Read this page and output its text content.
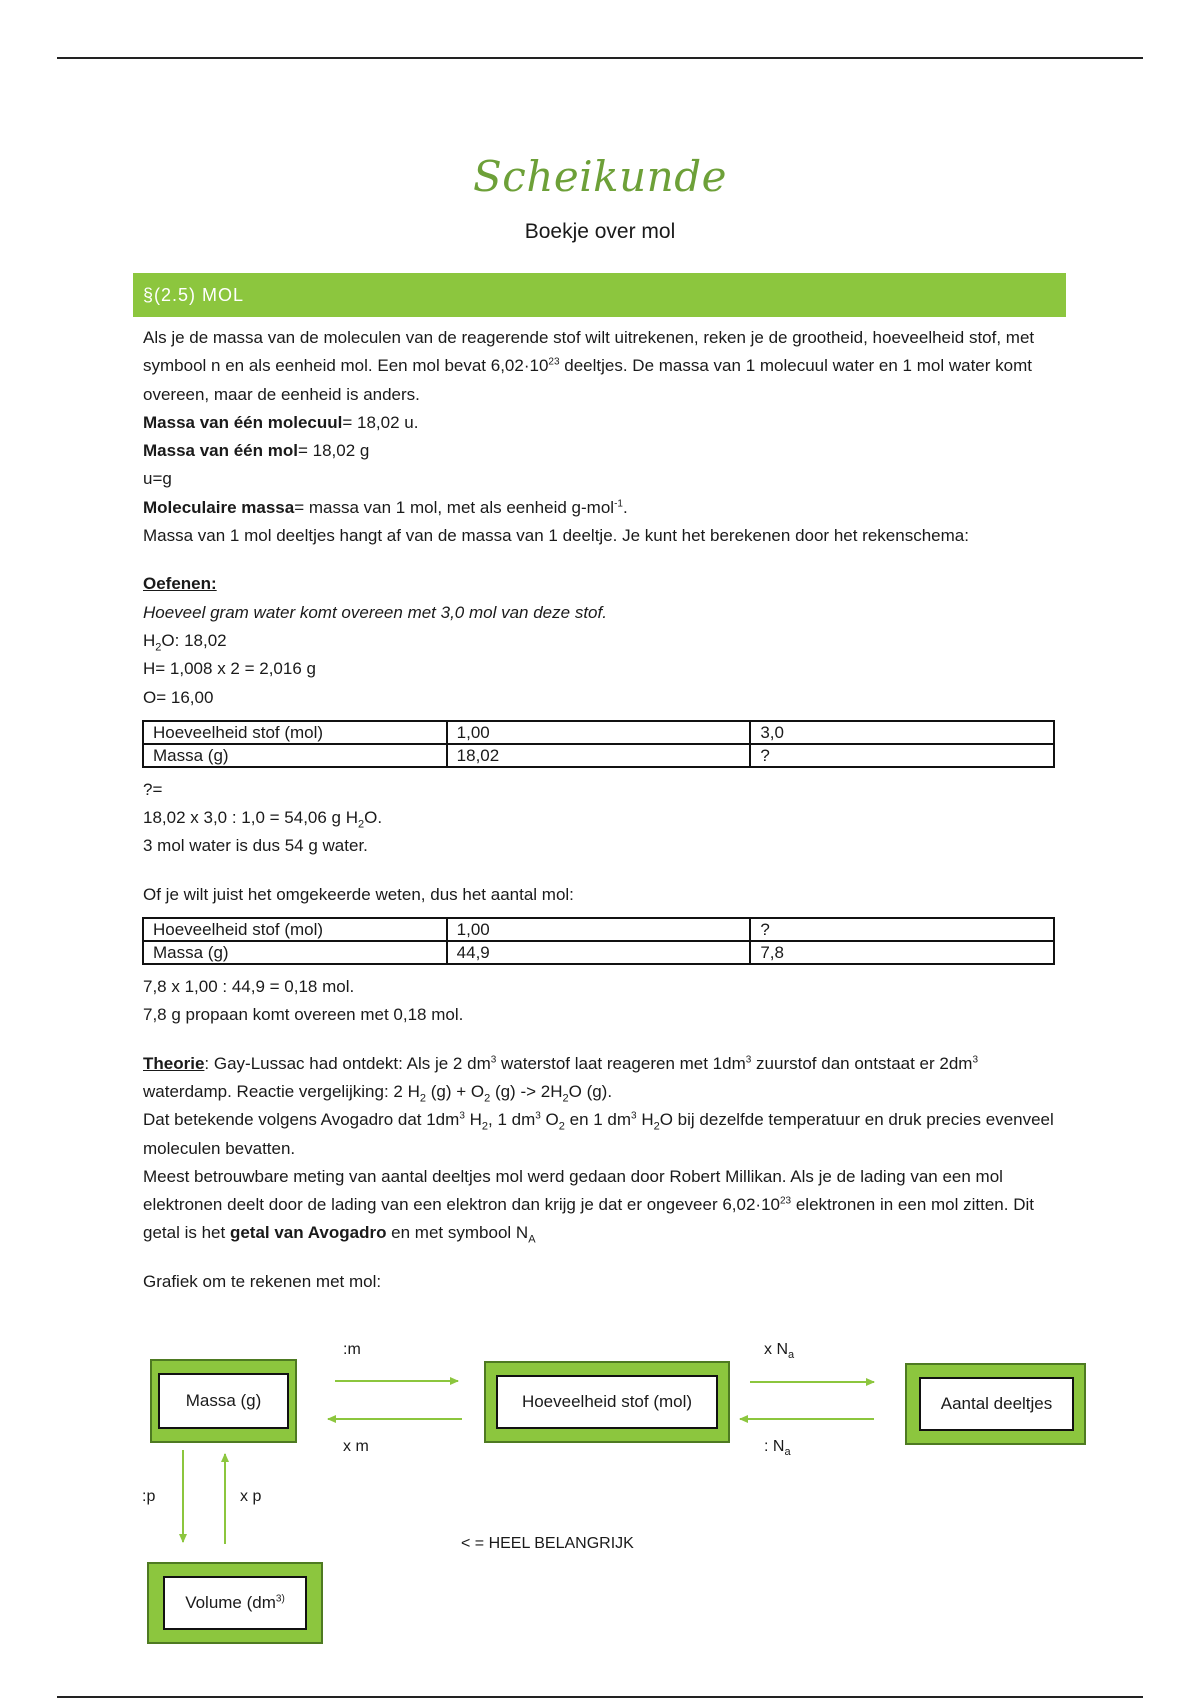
Scheikunde
Boekje over mol
§(2.5) MOL

Als je de massa van de moleculen van de reagerende stof wilt uitrekenen, reken je de grootheid, hoeveelheid stof, met symbool n en als eenheid mol. Een mol bevat $6,02\cdot 10^{23}$ deeltjes. De massa van 1 molecuul water en 1 mol water komt overeen, maar de eenheid is anders.

Massa van één molecuul= 18,02 u.

Massa van één mol= 18,02 g

u=g

Moleculaire massa= massa van 1 mol, met als eenheid g-mol$^{-1}$.

Massa van 1 mol deeltjes hangt af van de massa van 1 deeltje. Je kunt het berekenen door het rekenschema:

Oefenen:

Hoeveel gram water komt overeen met 3,0 mol van deze stof.

$H_2O$: 18,02

H= 1,008 x 2 = 2,016 g

O= 16,00

Hoeveelheid stof (mol)	1,00	3,0
Massa (g)	18,02	?

?=

18,02 x 3,0 : 1,0 = 54,06 g $H_2O$.

3 mol water is dus 54 g water.

Of je wilt juist het omgekeerde weten, dus het aantal mol:

Hoeveelheid stof (mol)	1,00	?
Massa (g)	44,9	7,8

7,8 x 1,00 : 44,9 = 0,18 mol.

7,8 g propaan komt overeen met 0,18 mol.

Theorie: Gay-Lussac had ontdekt: Als je 2 $dm^3$ waterstof laat reageren met $1dm^3$ zuurstof dan ontstaat er $2dm^3$ waterdamp. Reactie vergelijking: 2 $H_2$ $(g) + O_2$ $(g) -> 2H_2O$ (g).

Dat betekende volgens Avogadro dat $1dm^3$ $H_2$, 1 $dm^3$ $O_2$ en 1 $dm^3$ $H_2O$ bij dezelfde temperatuur en druk precies evenveel moleculen bevatten.

Meest betrouwbare meting van aantal deeltjes mol werd gedaan door Robert Millikan. Als je de lading van een mol elektronen deelt door de lading van een elektron dan krijg je dat er ongeveer $6,02\cdot 10^{23}$ elektronen in een mol zitten. Dit getal is het getal van Avogadro en met symbool $N_A$

Grafiek om te rekenen met mol:

Massa (g)	Hoeveelheid stof (mol)	Aantal deeltjes
Volume ($dm^{3)}$
:m
x m
x $N_a$
: $N_a$
:p	x p
< = HEEL BELANGRIJK
